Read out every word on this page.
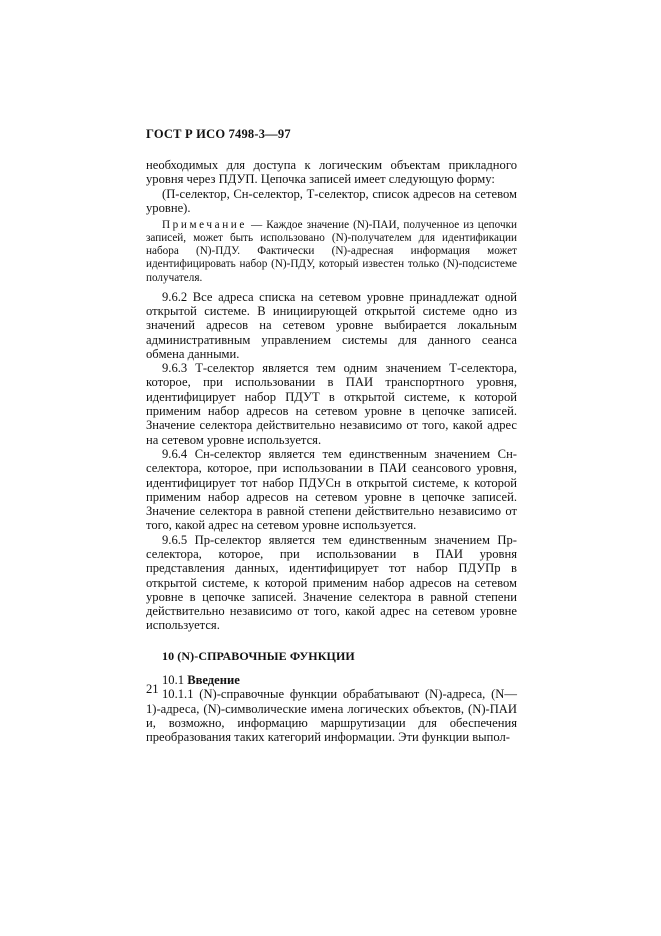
ГОСТ Р ИСО 7498-3—97

необходимых для доступа к логическим объектам прикладного уровня через ПДУП. Цепочка записей имеет следующую форму:

(П-селектор, Сн-селектор, Т-селектор, список адресов на сетевом уровне).

Примечание — Каждое значение (N)-ПАИ, полученное из цепочки записей, может быть использовано (N)-получателем для идентификации набора (N)-ПДУ. Фактически (N)-адресная информация может идентифицировать набор (N)-ПДУ, который известен только (N)-подсистеме получателя.

9.6.2 Все адреса списка на сетевом уровне принадлежат одной открытой системе. В инициирующей открытой системе одно из значений адресов на сетевом уровне выбирается локальным административным управлением системы для данного сеанса обмена данными.

9.6.3 Т-селектор является тем одним значением Т-селектора, которое, при использовании в ПАИ транспортного уровня, идентифицирует набор ПДУТ в открытой системе, к которой применим набор адресов на сетевом уровне в цепочке записей. Значение селектора действительно независимо от того, какой адрес на сетевом уровне используется.

9.6.4 Сн-селектор является тем единственным значением Сн-селектора, которое, при использовании в ПАИ сеансового уровня, идентифицирует тот набор ПДУСн в открытой системе, к которой применим набор адресов на сетевом уровне в цепочке записей. Значение селектора в равной степени действительно независимо от того, какой адрес на сетевом уровне используется.

9.6.5 Пр-селектор является тем единственным значением Пр-селектора, которое, при использовании в ПАИ уровня представления данных, идентифицирует тот набор ПДУПр в открытой системе, к которой применим набор адресов на сетевом уровне в цепочке записей. Значение селектора в равной степени действительно независимо от того, какой адрес на сетевом уровне используется.

10 (N)-СПРАВОЧНЫЕ ФУНКЦИИ

10.1 Введение

10.1.1 (N)-справочные функции обрабатывают (N)-адреса, (N—1)-адреса, (N)-символические имена логических объектов, (N)-ПАИ и, возможно, информацию маршрутизации для обеспечения преобразования таких категорий информации. Эти функции выпол-

21
